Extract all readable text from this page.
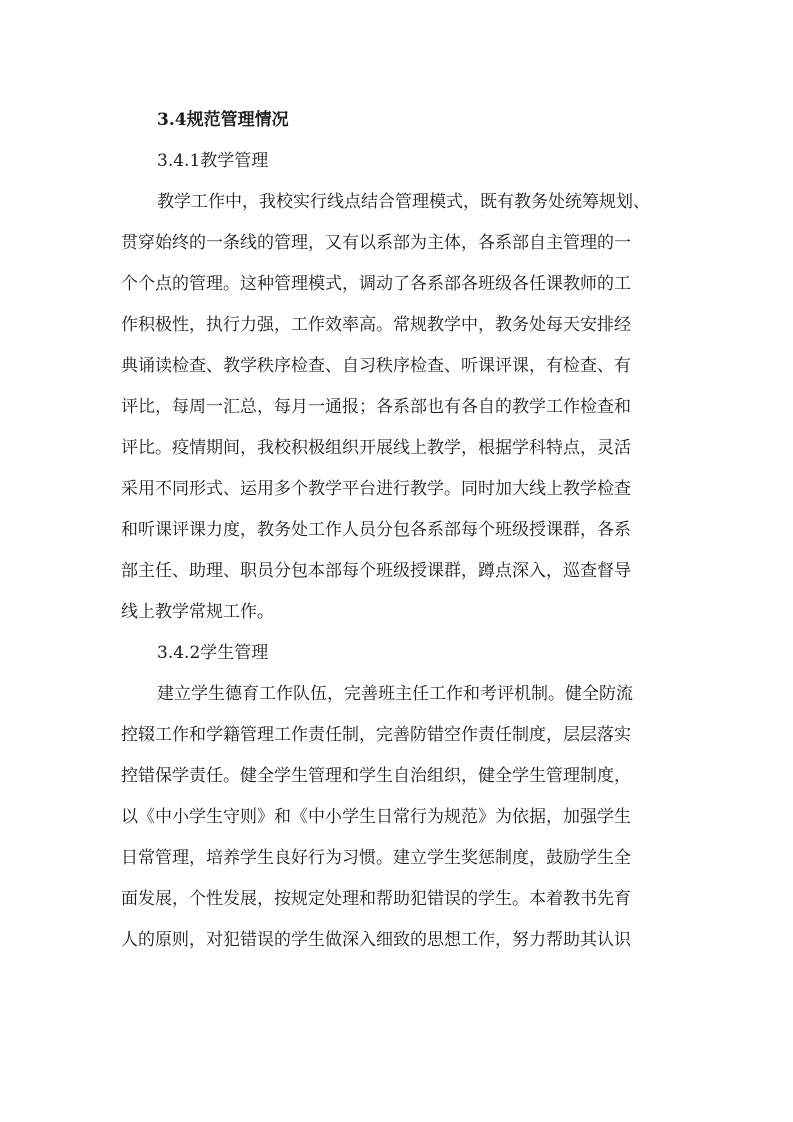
3.4规范管理情况
3.4.1教学管理

教学工作中，我校实行线点结合管理模式，既有教务处统筹规划、
贯穿始终的一条线的管理，又有以系部为主体，各系部自主管理的一
个个点的管理。这种管理模式，调动了各系部各班级各任课教师的工
作积极性，执行力强，工作效率高。常规教学中，教务处每天安排经
典诵读检查、教学秩序检查、自习秩序检查、听课评课，有检查、有
评比，每周一汇总，每月一通报；各系部也有各自的教学工作检查和
评比。疫情期间，我校积极组织开展线上教学，根据学科特点，灵活
采用不同形式、运用多个教学平台进行教学。同时加大线上教学检查
和听课评课力度，教务处工作人员分包各系部每个班级授课群，各系
部主任、助理、职员分包本部每个班级授课群，蹲点深入，巡查督导
线上教学常规工作。

3.4.2学生管理

建立学生德育工作队伍，完善班主任工作和考评机制。健全防流
控辍工作和学籍管理工作责任制，完善防错空作责任制度，层层落实
控错保学责任。健全学生管理和学生自治组织，健全学生管理制度，
以《中小学生守则》和《中小学生日常行为规范》为依据，加强学生
日常管理，培养学生良好行为习惯。建立学生奖惩制度，鼓励学生全
面发展，个性发展，按规定处理和帮助犯错误的学生。本着教书先育
人的原则，对犯错误的学生做深入细致的思想工作，努力帮助其认识
